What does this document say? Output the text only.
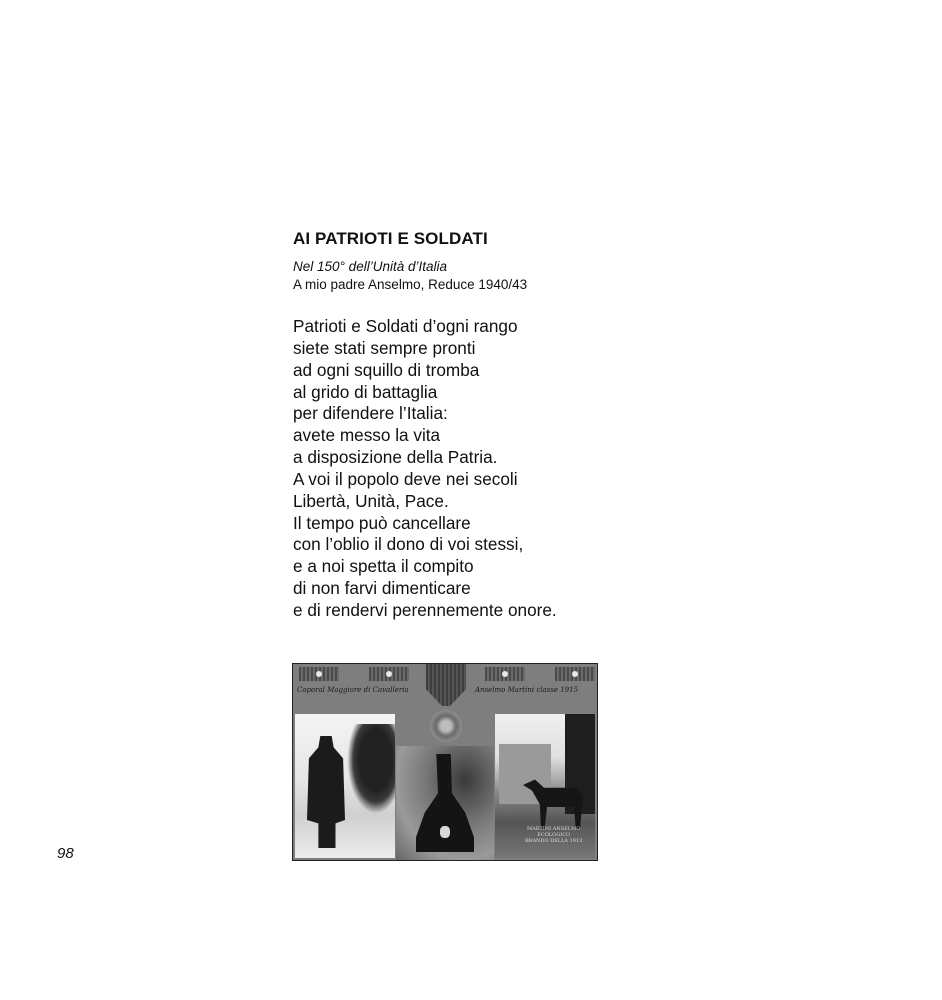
AI PATRIOTI E SOLDATI
Nel 150° dell’Unità d’Italia
A mio padre Anselmo, Reduce 1940/43
Patrioti e Soldati d’ogni rango
siete stati sempre pronti
ad ogni squillo di tromba
al grido di battaglia
per difendere l’Italia:
avete messo la vita
a disposizione della Patria.
A voi il popolo deve nei secoli
Libertà, Unità, Pace.
Il tempo può cancellare
con l’oblio il dono di voi stessi,
e a noi spetta il compito
di non farvi dimenticare
e di rendervi perennemente onore.
Caporal Maggiore di Cavalleria	Anselmo Martini classe 1915
MARTINI ANSELMO
ECOLOGICO
BRANDO DELLA 1913

98
